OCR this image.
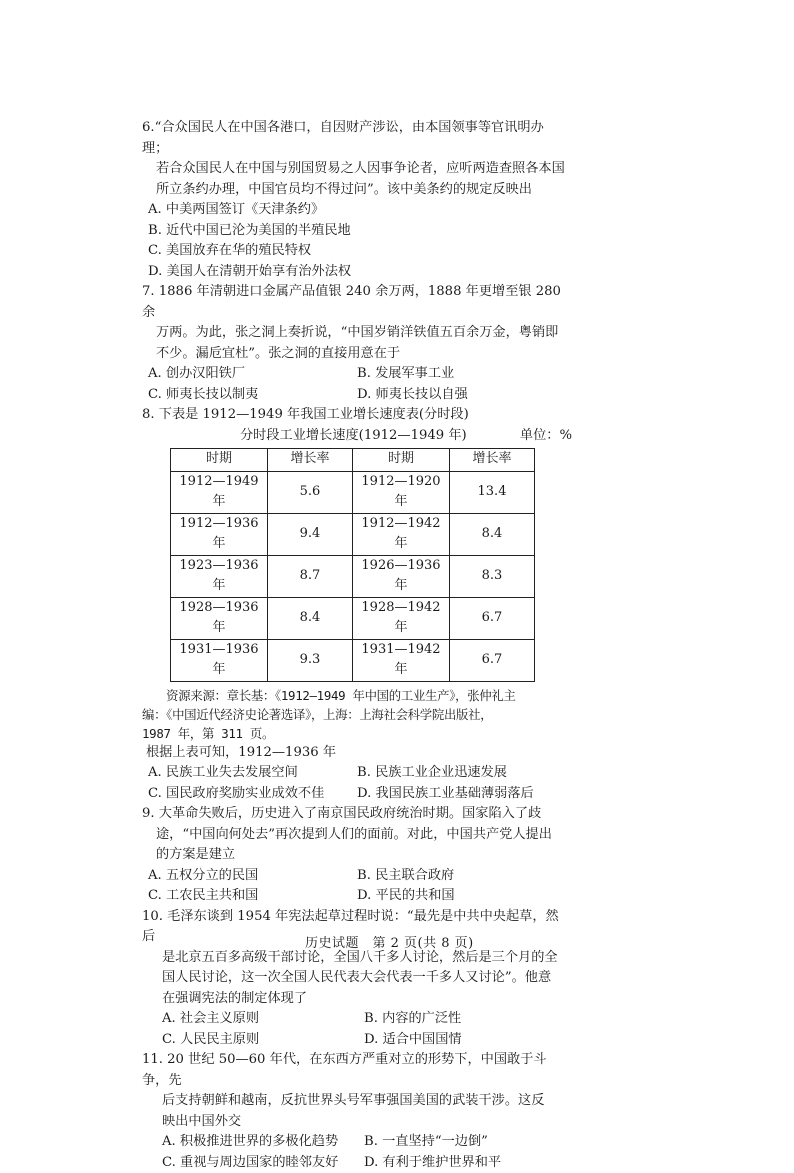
6.“合众国民人在中国各港口，自因财产涉讼，由本国领事等官讯明办理；
若合众国民人在中国与别国贸易之人因事争论者，应听两造查照各本国
所立条约办理，中国官员均不得过问”。该中美条约的规定反映出
A. 中美两国签订《天津条约》
B. 近代中国已沦为美国的半殖民地
C. 美国放弃在华的殖民特权
D. 美国人在清朝开始享有治外法权
7. 1886 年清朝进口金属产品值银 240 余万两，1888 年更增至银 280 余
万两。为此，张之洞上奏折说，“中国岁销洋铁值五百余万金，粤销即
不少。漏卮宜杜”。张之洞的直接用意在于
A. 创办汉阳铁厂	B. 发展军事工业
C. 师夷长技以制夷	D. 师夷长技以自强
8. 下表是 1912—1949 年我国工业增长速度表(分时段)
分时段工业增长速度(1912—1949 年)	单位：%
时期	增长率	时期	增长率
1912—1949 年	5.6	1912—1920 年	13.4
1912—1936 年	9.4	1912—1942 年	8.4
1923—1936 年	8.7	1926—1936 年	8.3
1928—1936 年	8.4	1928—1942 年	6.7
1931—1936 年	9.3	1931—1942 年	6.7
　　资源来源：章长基：《1912—1949 年中国的工业生产》，张仲礼主
编：《中国近代经济史论著选译》，上海：上海社会科学院出版社，
1987 年，第 311 页。
根据上表可知，1912—1936 年
A. 民族工业失去发展空间	B. 民族工业企业迅速发展
C. 国民政府奖励实业成效不佳	D. 我国民族工业基础薄弱落后
9. 大革命失败后，历史进入了南京国民政府统治时期。国家陷入了歧
途，“中国向何处去”再次提到人们的面前。对此，中国共产党人提出
的方案是建立
A. 五权分立的民国	B. 民主联合政府
C. 工农民主共和国	D. 平民的共和国
10. 毛泽东谈到 1954 年宪法起草过程时说：“最先是中共中央起草，然后
是北京五百多高级干部讨论，全国八千多人讨论，然后是三个月的全
国人民讨论，这一次全国人民代表大会代表一千多人又讨论”。他意
在强调宪法的制定体现了
A. 社会主义原则	B. 内容的广泛性
C. 人民民主原则	D. 适合中国国情
11. 20 世纪 50—60 年代，在东西方严重对立的形势下，中国敢于斗争，先
后支持朝鲜和越南，反抗世界头号军事强国美国的武装干涉。这反
映出中国外交
A. 积极推进世界的多极化趋势	B. 一直坚持“一边倒”
C. 重视与周边国家的睦邻友好	D. 有利于维护世界和平
历史试题　第 2 页(共 8 页)
